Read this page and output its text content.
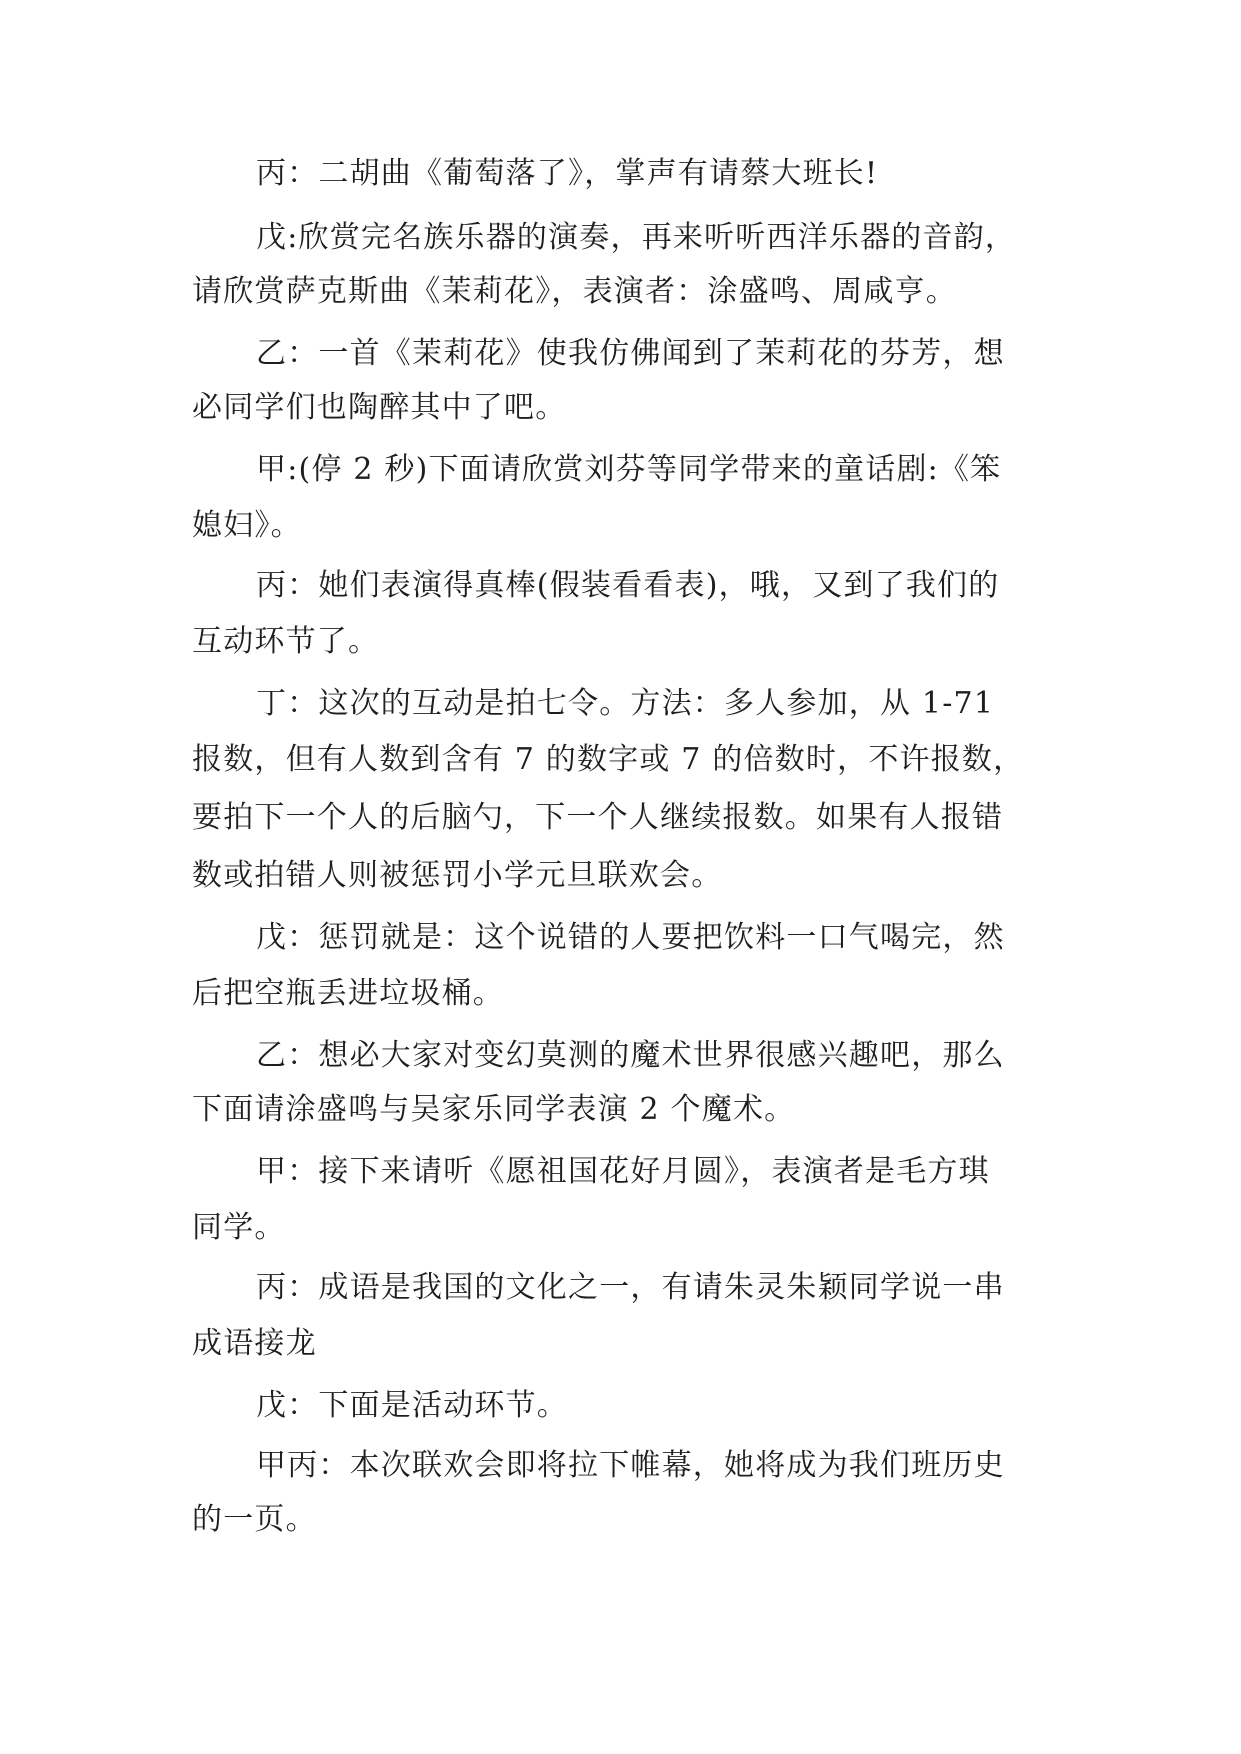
丙：二胡曲《葡萄落了》，掌声有请蔡大班长!
戊:欣赏完名族乐器的演奏，再来听听西洋乐器的音韵，
请欣赏萨克斯曲《茉莉花》，表演者：涂盛鸣、周咸亨。
乙：一首《茉莉花》使我仿佛闻到了茉莉花的芬芳，想
必同学们也陶醉其中了吧。
甲:(停 2 秒)下面请欣赏刘芬等同学带来的童话剧:《笨
媳妇》。
丙：她们表演得真棒(假装看看表)，哦，又到了我们的
互动环节了。
丁：这次的互动是拍七令。方法：多人参加，从 1-71
报数，但有人数到含有 7 的数字或 7 的倍数时，不许报数，
要拍下一个人的后脑勺，下一个人继续报数。如果有人报错
数或拍错人则被惩罚小学元旦联欢会。
戊：惩罚就是：这个说错的人要把饮料一口气喝完，然
后把空瓶丢进垃圾桶。
乙：想必大家对变幻莫测的魔术世界很感兴趣吧，那么
下面请涂盛鸣与吴家乐同学表演 2 个魔术。
甲：接下来请听《愿祖国花好月圆》，表演者是毛方琪
同学。
丙：成语是我国的文化之一，有请朱灵朱颖同学说一串
成语接龙
戊：下面是活动环节。
甲丙：本次联欢会即将拉下帷幕，她将成为我们班历史
的一页。
